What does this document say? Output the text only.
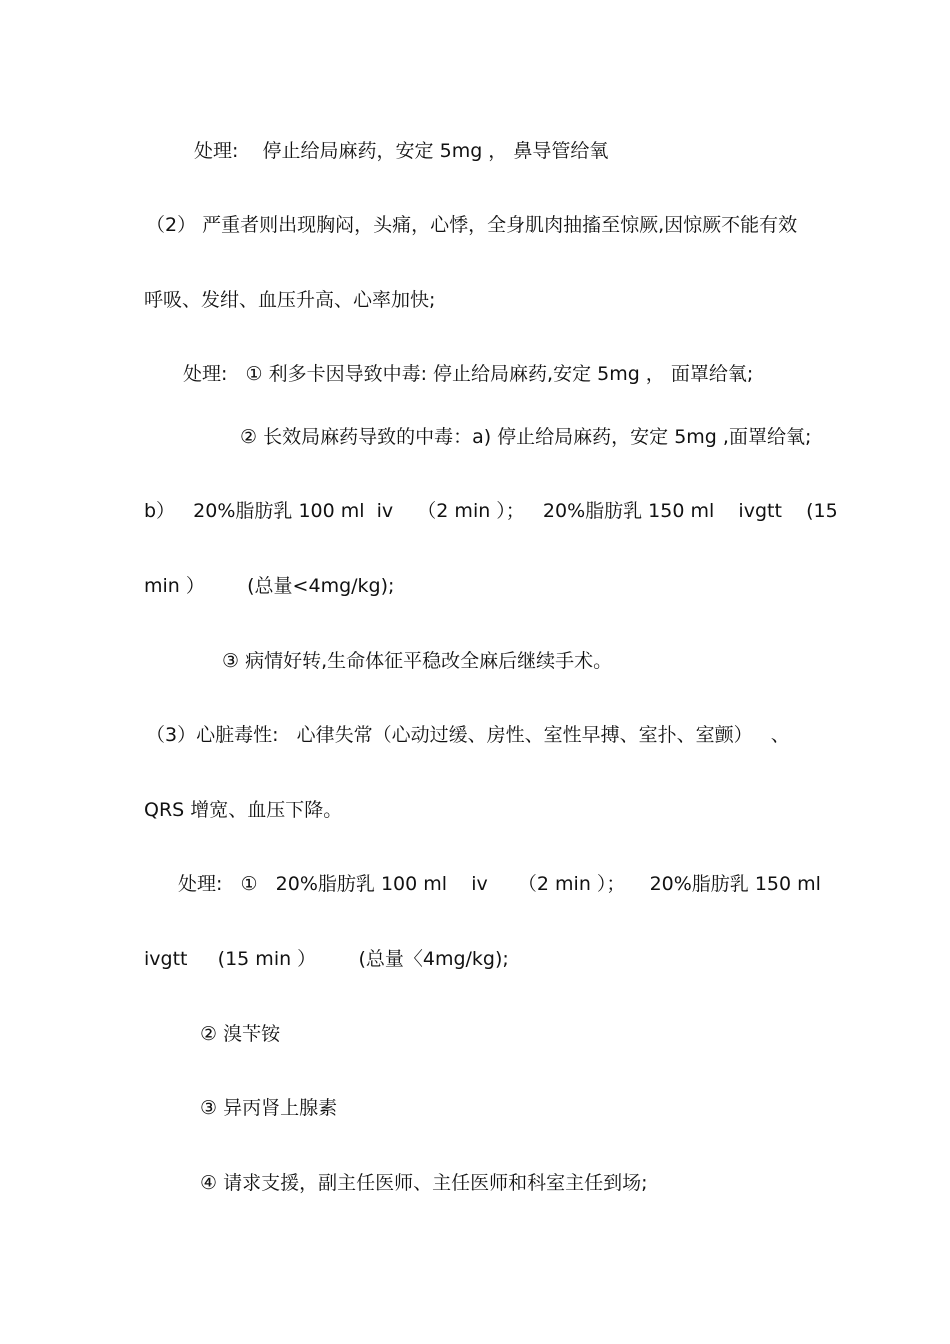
处理:    停止给局麻药，安定 5mg ， 鼻导管给氧
（2） 严重者则出现胸闷，头痛，心悸，全身肌肉抽搐至惊厥,因惊厥不能有效
呼吸、发绀、血压升高、心率加快;
处理:   ① 利多卡因导致中毒: 停止给局麻药,安定 5mg ， 面罩给氧;
② 长效局麻药导致的中毒：a) 停止给局麻药，安定 5mg ,面罩给氧;
b）   20%脂肪乳 100 ml  iv    （2 min ）；   20%脂肪乳 150 ml    ivgtt    (15
min ）       (总量<4mg/kg);
③ 病情好转,生命体征平稳改全麻后继续手术。
（3）心脏毒性:   心律失常（心动过缓、房性、室性早搏、室扑、室颤）   、
QRS 增宽、血压下降。
处理:   ①   20%脂肪乳 100 ml    iv     （2 min ）；    20%脂肪乳 150 ml
ivgtt     (15 min ）       (总量〈4mg/kg);
② 溴苄铵
③ 异丙肾上腺素
④ 请求支援，副主任医师、主任医师和科室主任到场;
